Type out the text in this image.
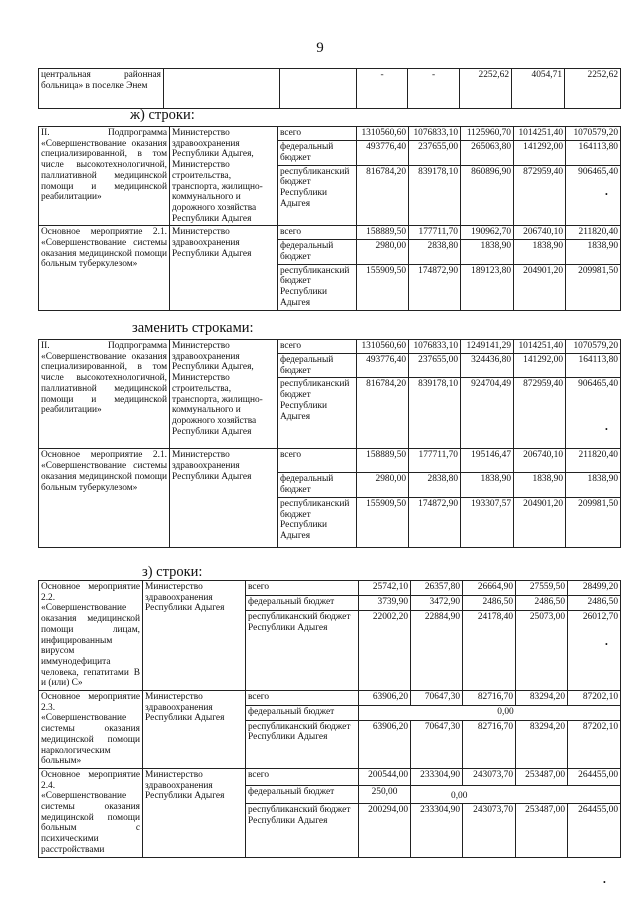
9
центральная районная больница» в поселке Энем			-	-	2252,62	4054,71	2252,62
ж) строки:
II. Подпрограмма «Совершенствование оказания специализированной, в том числе высокотехнологичной, паллиативной медицинской помощи и медицинской реабилитации»	Министерство здравоохранения Республики Адыгея, Министерство строительства, транспорта, жилищно-коммунального и дорожного хозяйства Республики Адыгея	всего	1310560,60	1076833,10	1125960,70	1014251,40	1070579,20
		федеральный бюджет	493776,40	237655,00	265063,80	141292,00	164113,80
		республиканский бюджет Республики Адыгея	816784,20	839178,10	860896,90	872959,40	906465,40
Основное мероприятие 2.1. «Совершенствование системы оказания медицинской помощи больным туберкулезом»	Министерство здравоохранения Республики Адыгея	всего	158889,50	177711,70	190962,70	206740,10	211820,40
		федеральный бюджет	2980,00	2838,80	1838,90	1838,90	1838,90
		республиканский бюджет Республики Адыгея	155909,50	174872,90	189123,80	204901,20	209981,50
заменить строками:
II. Подпрограмма «Совершенствование оказания специализированной, в том числе высокотехнологичной, паллиативной медицинской помощи и медицинской реабилитации»	Министерство здравоохранения Республики Адыгея, Министерство строительства, транспорта, жилищно-коммунального и дорожного хозяйства Республики Адыгея	всего	1310560,60	1076833,10	1249141,29	1014251,40	1070579,20
		федеральный бюджет	493776,40	237655,00	324436,80	141292,00	164113,80
		республиканский бюджет Республики Адыгея	816784,20	839178,10	924704,49	872959,40	906465,40
Основное мероприятие 2.1. «Совершенствование системы оказания медицинской помощи больным туберкулезом»	Министерство здравоохранения Республики Адыгея	всего	158889,50	177711,70	195146,47	206740,10	211820,40
		федеральный бюджет	2980,00	2838,80	1838,90	1838,90	1838,90
		республиканский бюджет Республики Адыгея	155909,50	174872,90	193307,57	204901,20	209981,50
з) строки:
Основное мероприятие 2.2. «Совершенствование оказания медицинской помощи лицам, инфицированным вирусом иммунодефицита человека, гепатитами B и (или) C»	Министерство здравоохранения Республики Адыгея	всего	25742,10	26357,80	26664,90	27559,50	28499,20
		федеральный бюджет	3739,90	3472,90	2486,50	2486,50	2486,50
		республиканский бюджет Республики Адыгея	22002,20	22884,90	24178,40	25073,00	26012,70
Основное мероприятие 2.3. «Совершенствование системы оказания медицинской помощи наркологическим больным»	Министерство здравоохранения Республики Адыгея	всего	63906,20	70647,30	82716,70	83294,20	87202,10
		федеральный бюджет	0,00				
		республиканский бюджет Республики Адыгея	63906,20	70647,30	82716,70	83294,20	87202,10
Основное мероприятие 2.4. «Совершенствование системы оказания медицинской помощи больным с психическими расстройствами	Министерство здравоохранения Республики Адыгея	всего	200544,00	233304,90	243073,70	253487,00	264455,00
		федеральный бюджет	250,00	0,00			
		республиканский бюджет Республики Адыгея	200294,00	233304,90	243073,70	253487,00	264455,00
•
•
•
•
